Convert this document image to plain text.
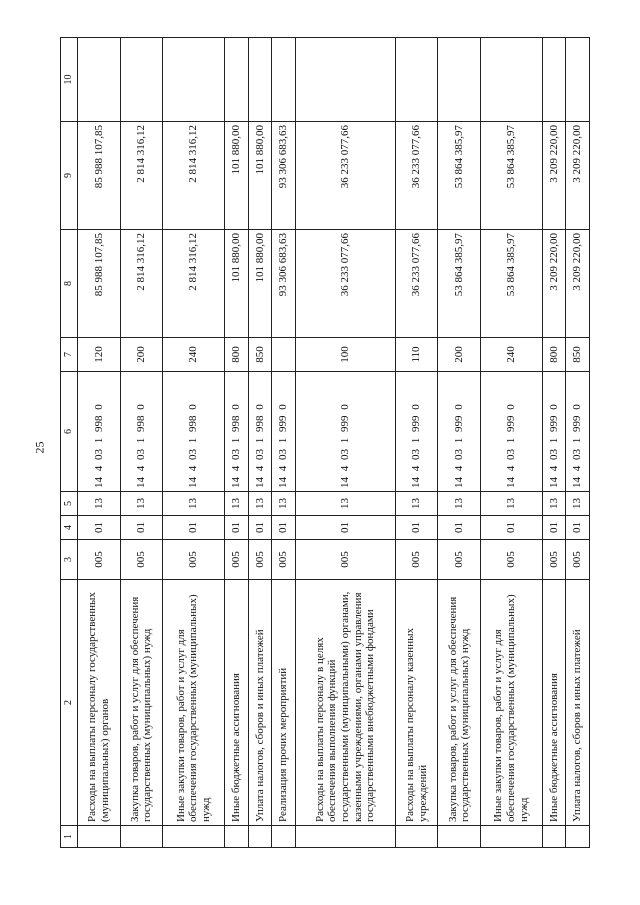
25
1	2	3	4	5	6	7	8	9	10
	Расходы на выплаты персоналу государственных (муниципальных) органов	005	01	13	14 4 03 1 998 0	120	85 988 107,85	85 988 107,85	
	Закупка товаров, работ и услуг для обеспечения государственных (муниципальных) нужд	005	01	13	14 4 03 1 998 0	200	2 814 316,12	2 814 316,12	
	Иные закупки товаров, работ и услуг для обеспечения государственных (муниципальных) нужд	005	01	13	14 4 03 1 998 0	240	2 814 316,12	2 814 316,12	
	Иные бюджетные ассигнования	005	01	13	14 4 03 1 998 0	800	101 880,00	101 880,00	
	Уплата налогов, сборов и иных платежей	005	01	13	14 4 03 1 998 0	850	101 880,00	101 880,00	
	Реализация прочих мероприятий	005	01	13	14 4 03 1 999 0		93 306 683,63	93 306 683,63	
	Расходы на выплаты персоналу в целях обеспечения выполнения функций государственными (муниципальными) органами, казенными учреждениями, органами управления государственными внебюджетными фондами	005	01	13	14 4 03 1 999 0	100	36 233 077,66	36 233 077,66	
	Расходы на выплаты персоналу казенных учреждений	005	01	13	14 4 03 1 999 0	110	36 233 077,66	36 233 077,66	
	Закупка товаров, работ и услуг для обеспечения государственных (муниципальных) нужд	005	01	13	14 4 03 1 999 0	200	53 864 385,97	53 864 385,97	
	Иные закупки товаров, работ и услуг для обеспечения государственных (муниципальных) нужд	005	01	13	14 4 03 1 999 0	240	53 864 385,97	53 864 385,97	
	Иные бюджетные ассигнования	005	01	13	14 4 03 1 999 0	800	3 209 220,00	3 209 220,00	
	Уплата налогов, сборов и иных платежей	005	01	13	14 4 03 1 999 0	850	3 209 220,00	3 209 220,00	
